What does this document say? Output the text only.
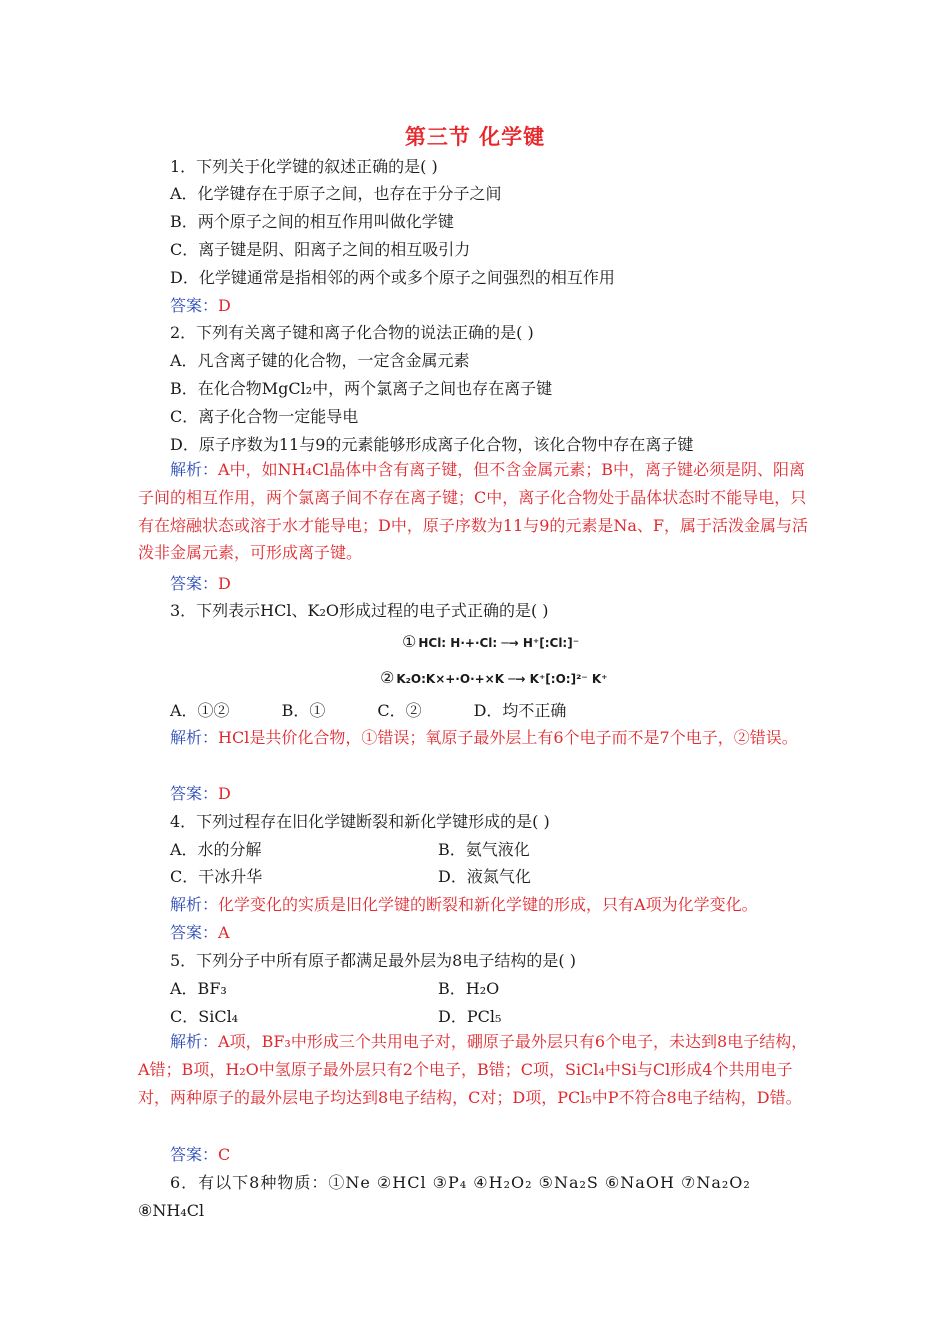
第三节 化学键
1．下列关于化学键的叙述正确的是( )
A．化学键存在于原子之间，也存在于分子之间
B．两个原子之间的相互作用叫做化学键
C．离子键是阴、阳离子之间的相互吸引力
D．化学键通常是指相邻的两个或多个原子之间强烈的相互作用
答案：D
2．下列有关离子键和离子化合物的说法正确的是( )
A．凡含离子键的化合物，一定含金属元素
B．在化合物MgCl₂中，两个氯离子之间也存在离子键
C．离子化合物一定能导电
D．原子序数为11与9的元素能够形成离子化合物，该化合物中存在离子键
解析：A中，如NH₄Cl晶体中含有离子键，但不含金属元素；B中，离子键必须是阴、阳离子间的相互作用，两个氯离子间不存在离子键；C中，离子化合物处于晶体状态时不能导电，只有在熔融状态或溶于水才能导电；D中，原子序数为11与9的元素是Na、F，属于活泼金属与活泼非金属元素，可形成离子键。
答案：D
3．下列表示HCl、K₂O形成过程的电子式正确的是( )
① HCl: H·+·Cl: ─→ H⁺[:Cl:]⁻
② K₂O:K×+·O·+×K ─→ K⁺[:O:]²⁻ K⁺
A．①②	B．①	C．②	D．均不正确
解析：HCl是共价化合物，①错误；氧原子最外层上有6个电子而不是7个电子，②错误。
答案：D
4．下列过程存在旧化学键断裂和新化学键形成的是( )
A．水的分解	B．氨气液化
C．干冰升华	D．液氮气化
解析：化学变化的实质是旧化学键的断裂和新化学键的形成，只有A项为化学变化。
答案：A
5．下列分子中所有原子都满足最外层为8电子结构的是( )
A．BF₃	B．H₂O
C．SiCl₄	D．PCl₅
解析：A项，BF₃中形成三个共用电子对，硼原子最外层只有6个电子，未达到8电子结构，A错；B项，H₂O中氢原子最外层只有2个电子，B错；C项，SiCl₄中Si与Cl形成4个共用电子对，两种原子的最外层电子均达到8电子结构，C对；D项，PCl₅中P不符合8电子结构，D错。
答案：C
6．有以下8种物质：①Ne ②HCl ③P₄ ④H₂O₂ ⑤Na₂S ⑥NaOH ⑦Na₂O₂
⑧NH₄Cl
